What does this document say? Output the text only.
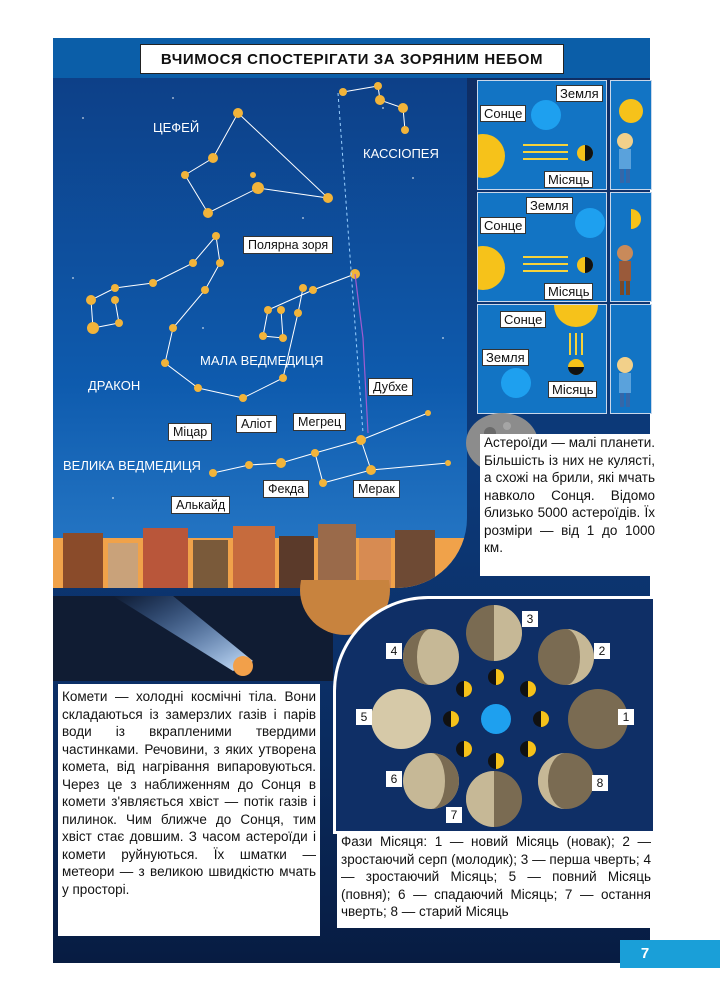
ВЧИМОСЯ СПОСТЕРІГАТИ ЗА ЗОРЯНИМ НЕБОМ
ЦЕФЕЙ
КАССІОПЕЯ
МАЛА ВЕДМЕДИЦЯ
ДРАКОН
ВЕЛИКА ВЕДМЕДИЦЯ
Полярна зоря
Дубхе
Мегрец
Аліот
Міцар
Алькайд
Фекда	Мерак
Земля
Сонце
Місяць
Земля
Сонце
Місяць
Сонце
Земля
Місяць
Астероїди — малі планети. Більшість із них не кулясті, а схожі на брили, які мчать навколо Сонця. Відомо близько 5000 астероїдів. Їх розміри — від 1 до 1000 км.
Комети — холодні космічні тіла. Вони складаються із замерзлих газів і парів води із вкрапленими твердими частинками. Речовини, з яких утворена комета, від нагрівання випаровуються. Через це з наближенням до Сонця в комети з'являється хвіст — потік газів і пилинок. Чим ближче до Сонця, тим хвіст стає довшим. З часом астероїди і комети руйнуються. Їх шматки — метеори — з великою швидкістю мчать у просторі.
1
2
3
4
5
6
7
8
Фази Місяця: 1 — новий Місяць (новак); 2 — зростаючий серп (молодик); 3 — перша чверть; 4 — зростаючий Місяць; 5 — повний Місяць (повня); 6 — спадаючий Місяць; 7 — остання чверть; 8 — старий Місяць
7
